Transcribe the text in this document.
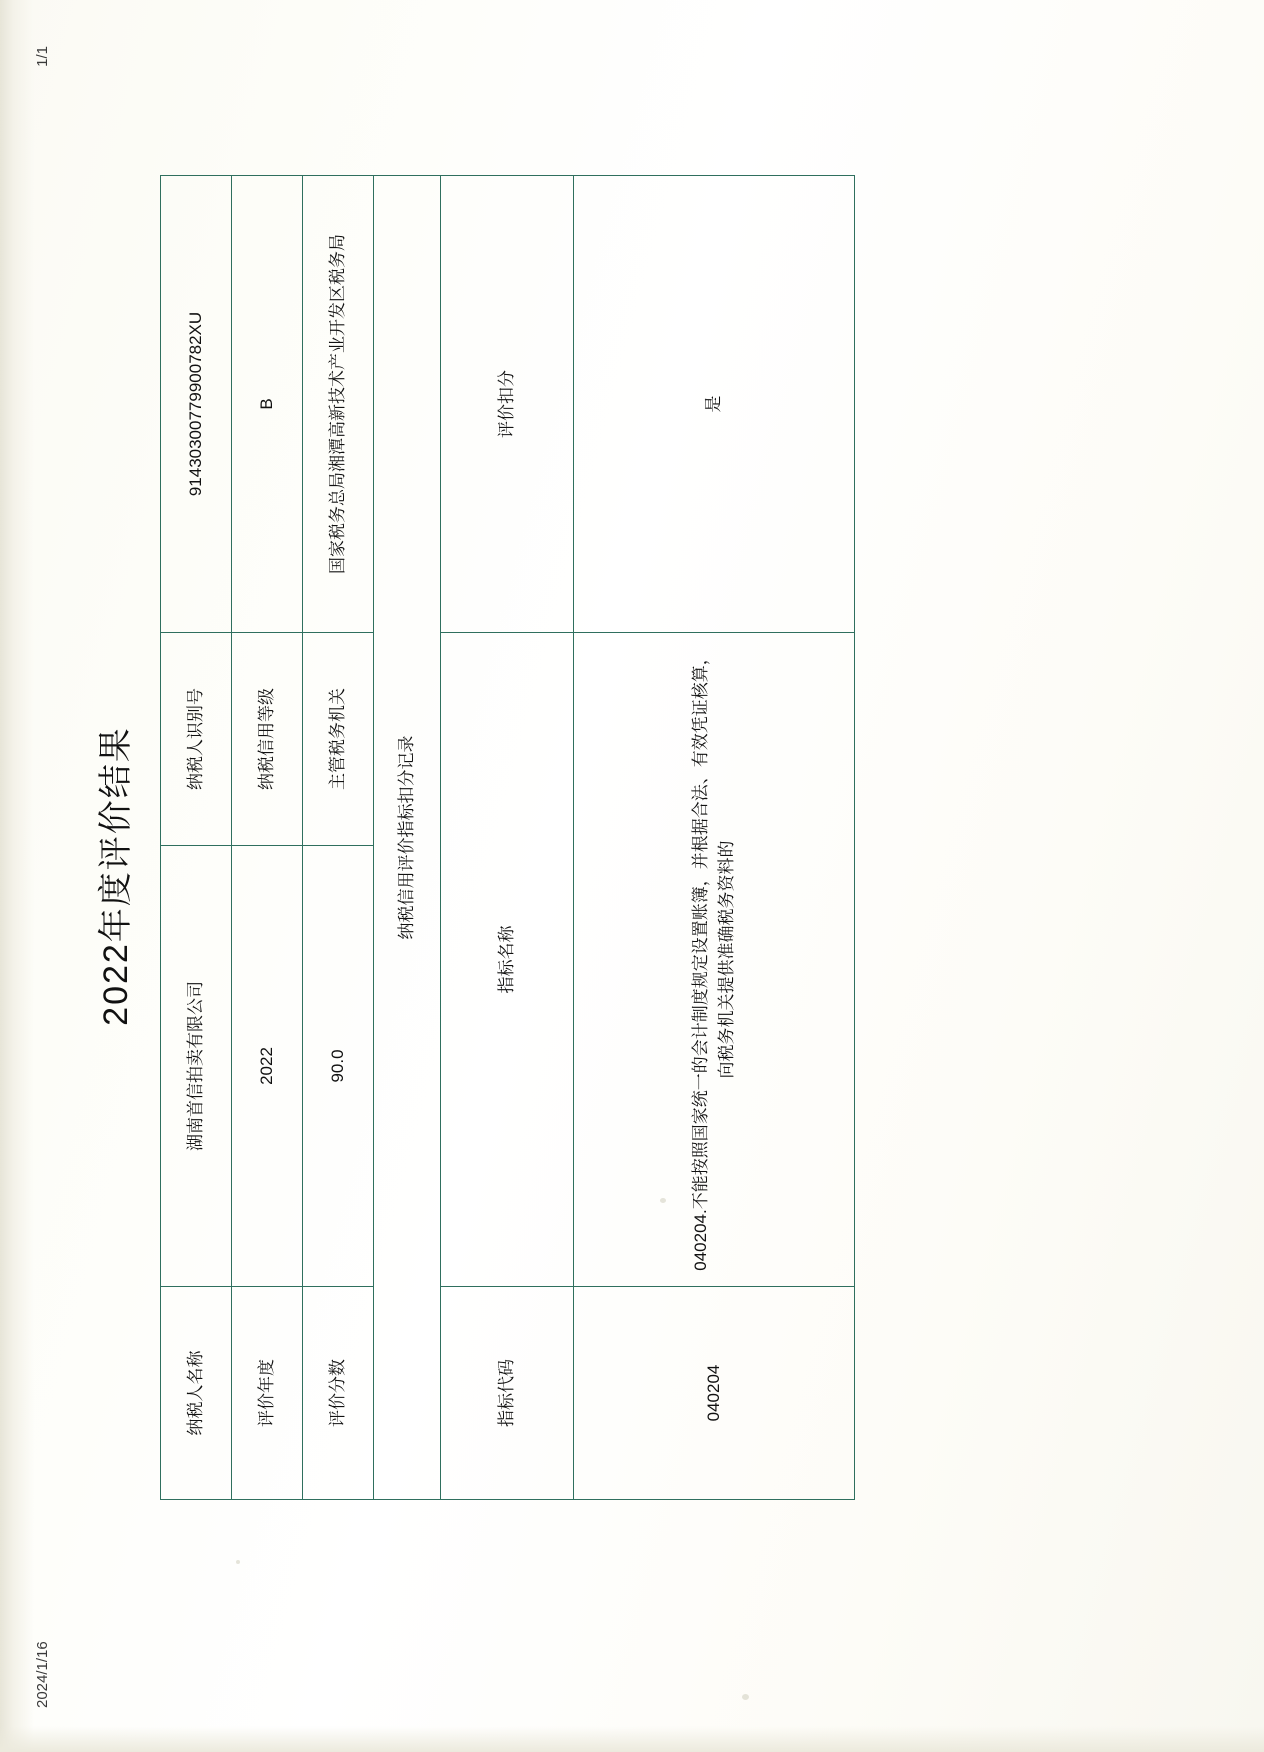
2024/1/16
1/1
2022年度评价结果
纳税人名称	湖南首信拍卖有限公司	纳税人识别号	91430300779900782XU
评价年度	2022	纳税信用等级	B
评价分数	90.0	主管税务机关	国家税务总局湘潭高新技术产业开发区税务局
纳税信用评价指标扣分记录			
指标代码	指标名称		评价扣分
040204	040204.不能按照国家统一的会计制度规定设置账簿，并根据合法、有效凭证核算，向税务机关提供准确税务资料的		是
